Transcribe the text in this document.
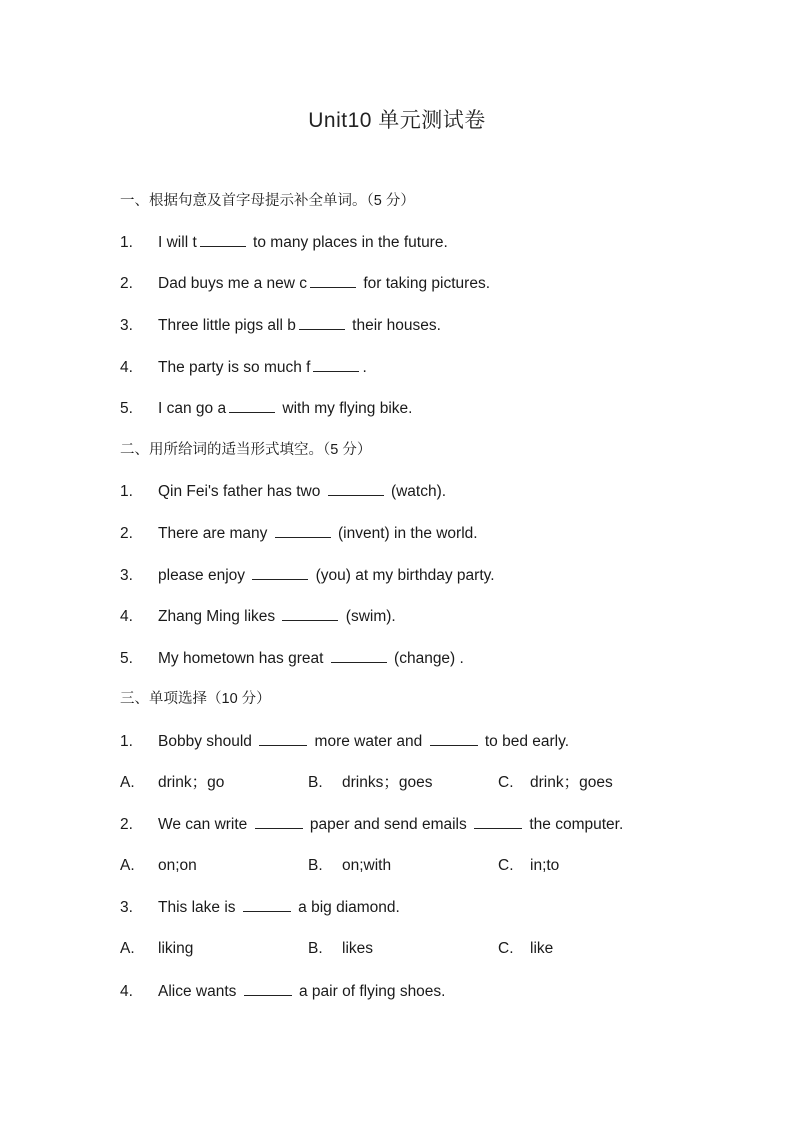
Unit10 单元测试卷
一、根据句意及首字母提示补全单词。（5 分）
1. I will t	to many places in the future.
2. Dad buys me a new c	for taking pictures.
3. Three little pigs all b	their houses.
4. The party is so much f	.
5. I can go a	with my flying bike.
二、用所给词的适当形式填空。（5 分）
1. Qin Fei's father has two	(watch).
2. There are many	(invent) in the world.
3. please enjoy	(you) at my birthday party.
4. Zhang Ming likes	(swim).
5. My hometown has great	(change) .
三、单项选择（10 分）
1. Bobby should	more water and	to bed early.
A. drink；go	B. drinks；goes	C. drink；goes
2. We can write	paper and send emails	the computer.
A. on;on	B. on;with	C. in;to
3. This lake is	a big diamond.
A. liking	B. likes	C. like
4. Alice wants	a pair of flying shoes.
